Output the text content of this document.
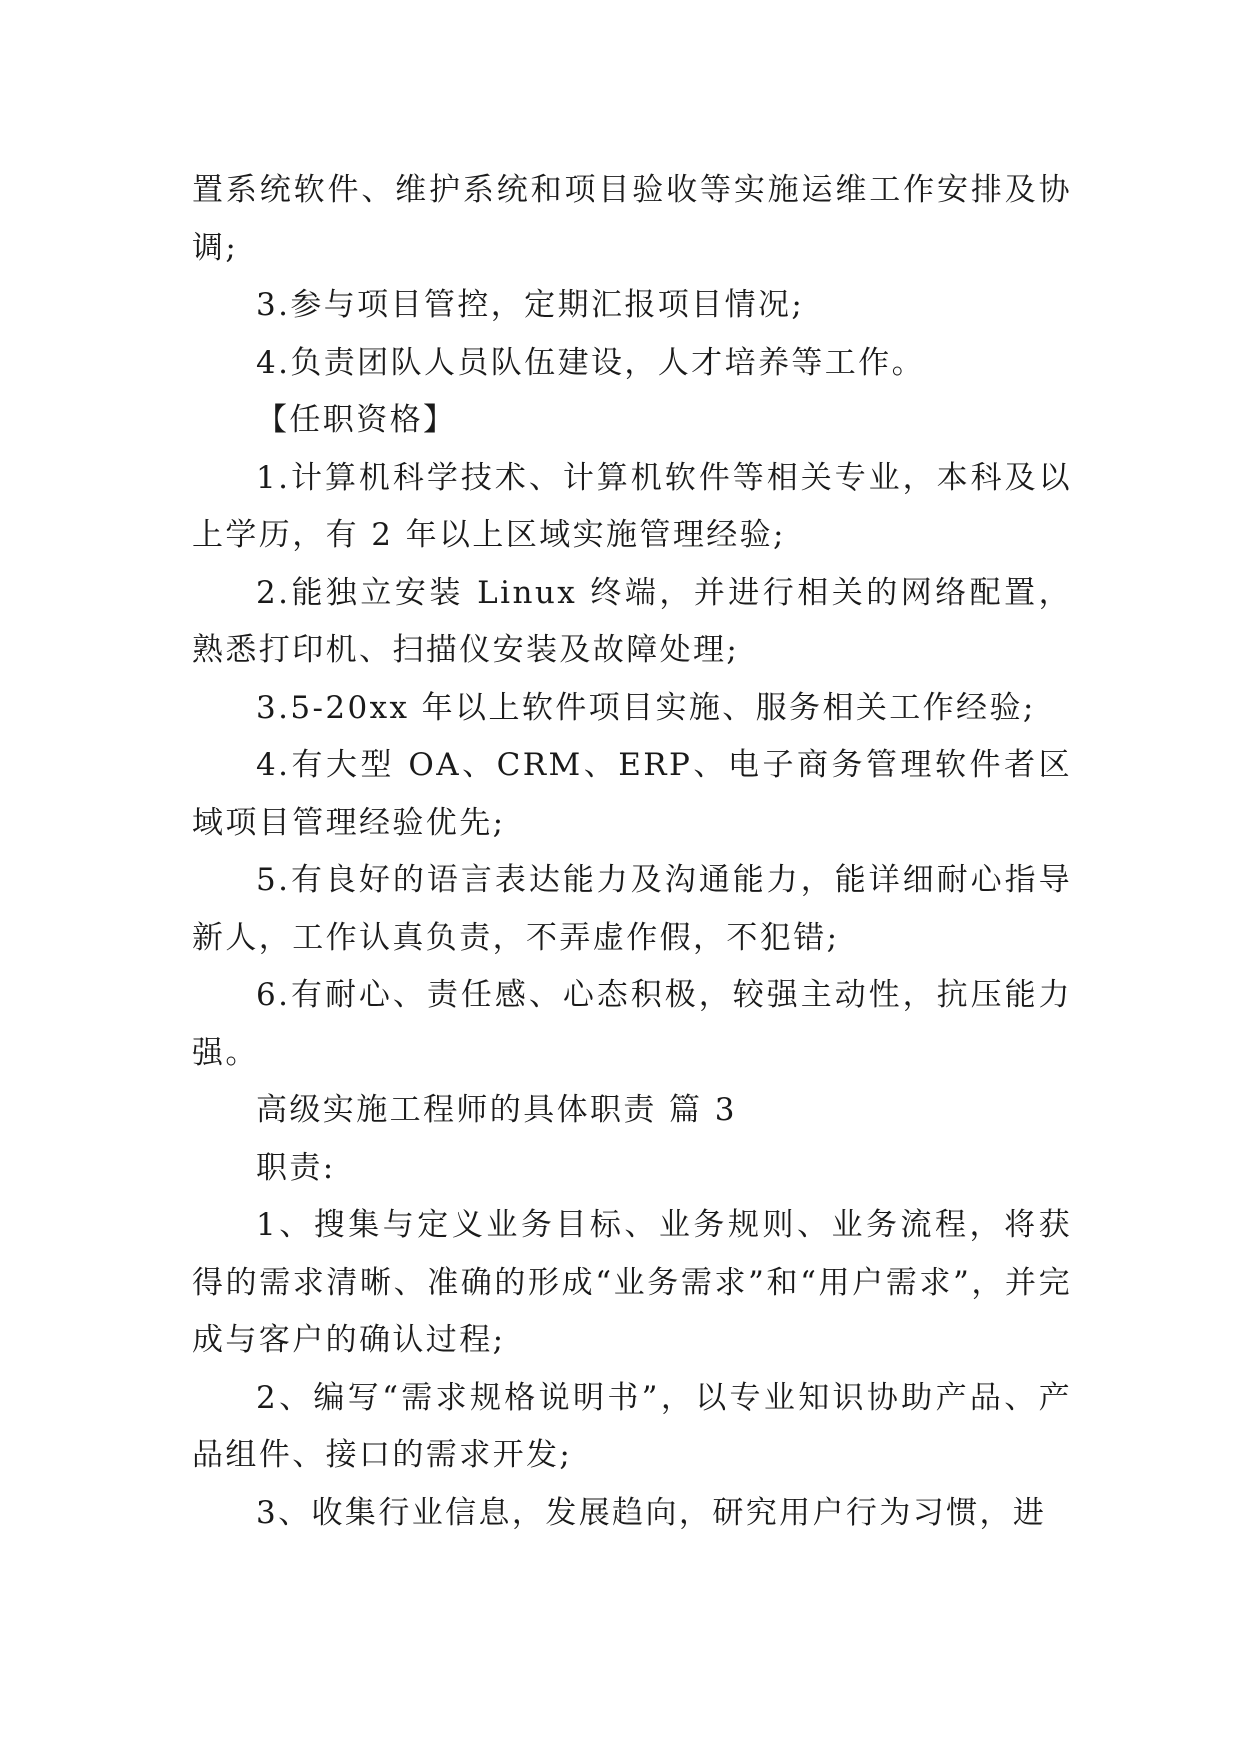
置系统软件、维护系统和项目验收等实施运维工作安排及协调;

3.参与项目管控，定期汇报项目情况;

4.负责团队人员队伍建设，人才培养等工作。

【任职资格】

1.计算机科学技术、计算机软件等相关专业，本科及以上学历，有 2 年以上区域实施管理经验;

2.能独立安装 Linux 终端，并进行相关的网络配置，熟悉打印机、扫描仪安装及故障处理;

3.5-20xx 年以上软件项目实施、服务相关工作经验;

4.有大型 OA、CRM、ERP、电子商务管理软件者区域项目管理经验优先;

5.有良好的语言表达能力及沟通能力，能详细耐心指导新人，工作认真负责，不弄虚作假，不犯错;

6.有耐心、责任感、心态积极，较强主动性，抗压能力强。

高级实施工程师的具体职责 篇 3

职责:

1、搜集与定义业务目标、业务规则、业务流程，将获得的需求清晰、准确的形成“业务需求”和“用户需求”，并完成与客户的确认过程;

2、编写“需求规格说明书”，以专业知识协助产品、产品组件、接口的需求开发;

3、收集行业信息，发展趋向，研究用户行为习惯，进
